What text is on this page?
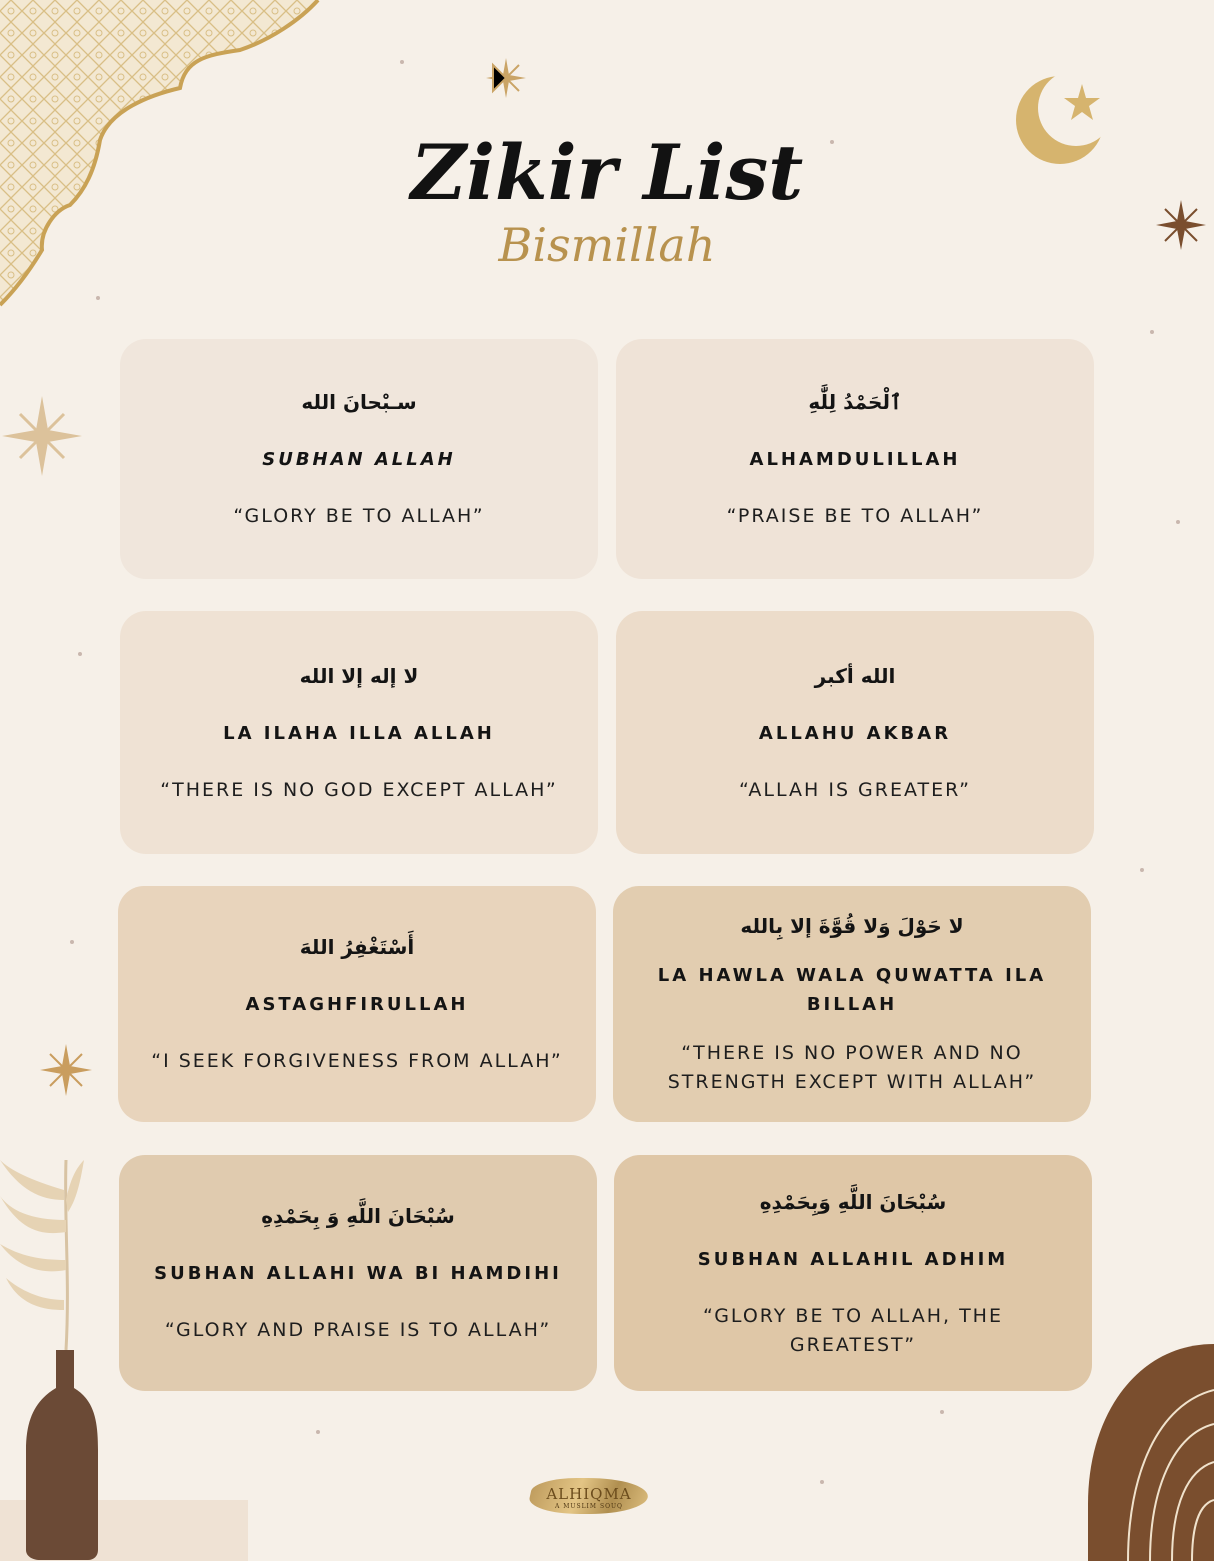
Zikir List
Bismillah
سـبْحانَ الله
SUBHAN ALLAH
“GLORY BE TO ALLAH”
ٱلْحَمْدُ لِلَّٰهِ
ALHAMDULILLAH
“PRAISE BE TO ALLAH”
لا إله إلا الله
LA ILAHA ILLA ALLAH
“THERE IS NO GOD EXCEPT ALLAH”
الله أكبر
ALLAHU AKBAR
“ALLAH IS GREATER”
أَسْتَغْفِرُ اللهَ
ASTAGHFIRULLAH
“I SEEK FORGIVENESS FROM ALLAH”
لا حَوْلَ وَلا قُوَّةَ إلا بِالله
LA HAWLA WALA QUWATTA ILA BILLAH
“THERE IS NO POWER AND NO STRENGTH EXCEPT WITH ALLAH”
سُبْحَانَ اللَّهِ وَ بِحَمْدِهِ
SUBHAN ALLAHI WA BI HAMDIHI
“GLORY AND PRAISE IS TO ALLAH”
سُبْحَانَ اللَّهِ وَبِحَمْدِهِ
SUBHAN ALLAHIL ADHIM
“GLORY BE TO ALLAH, THE GREATEST”
ALHIQMA
A MUSLIM SOUQ
